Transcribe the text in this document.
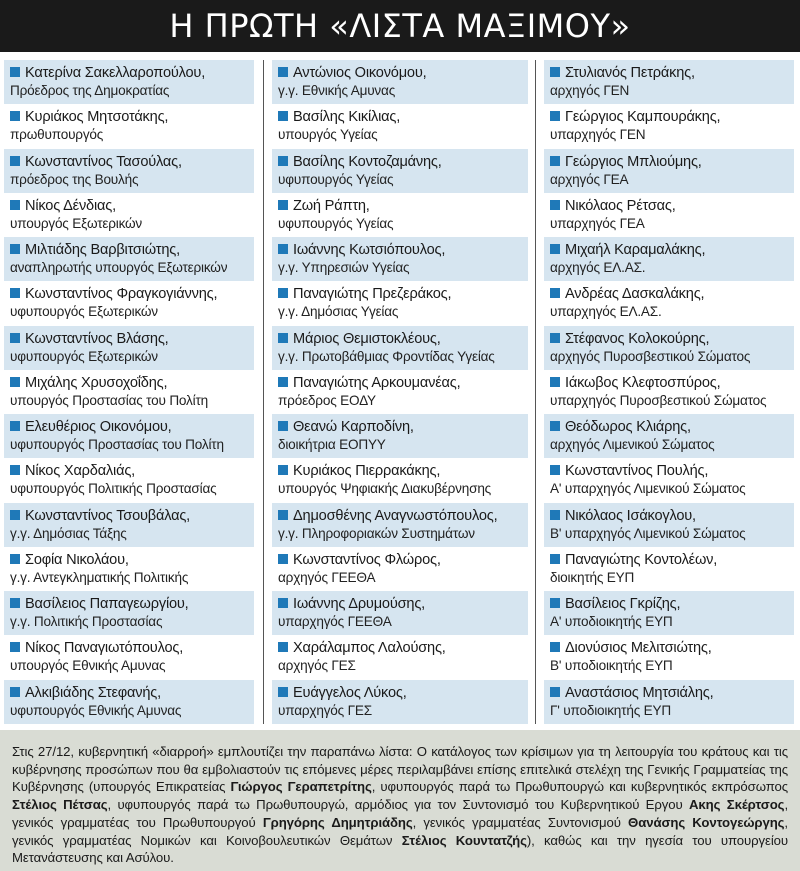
Η ΠΡΩΤΗ «ΛΙΣΤΑ ΜΑΞΙΜΟΥ»
Κατερίνα Σακελλαροπούλου,
Πρόεδρος της Δημοκρατίας
Κυριάκος Μητσοτάκης,
πρωθυπουργός
Κωνσταντίνος Τασούλας,
πρόεδρος της Βουλής
Νίκος Δένδιας,
υπουργός Εξωτερικών
Μιλτιάδης Βαρβιτσιώτης,
αναπληρωτής υπουργός Εξωτερικών
Κωνσταντίνος Φραγκογιάννης,
υφυπουργός Εξωτερικών
Κωνσταντίνος Βλάσης,
υφυπουργός Εξωτερικών
Μιχάλης Χρυσοχοΐδης,
υπουργός Προστασίας του Πολίτη
Ελευθέριος Οικονόμου,
υφυπουργός Προστασίας του Πολίτη
Νίκος Χαρδαλιάς,
υφυπουργός Πολιτικής Προστασίας
Κωνσταντίνος Τσουβάλας,
γ.γ. Δημόσιας Τάξης
Σοφία Νικολάου,
γ.γ. Αντεγκληματικής Πολιτικής
Βασίλειος Παπαγεωργίου,
γ.γ. Πολιτικής Προστασίας
Νίκος Παναγιωτόπουλος,
υπουργός Εθνικής Αμυνας
Αλκιβιάδης Στεφανής,
υφυπουργός Εθνικής Αμυνας
Αντώνιος Οικονόμου,
γ.γ. Εθνικής Αμυνας
Βασίλης Κικίλιας,
υπουργός Υγείας
Βασίλης Κοντοζαμάνης,
υφυπουργός Υγείας
Ζωή Ράπτη,
υφυπουργός Υγείας
Ιωάννης Κωτσιόπουλος,
γ.γ. Υπηρεσιών Υγείας
Παναγιώτης Πρεζεράκος,
γ.γ. Δημόσιας Υγείας
Μάριος Θεμιστοκλέους,
γ.γ. Πρωτοβάθμιας Φροντίδας Υγείας
Παναγιώτης Αρκουμανέας,
πρόεδρος ΕΟΔΥ
Θεανώ Καρποδίνη,
διοικήτρια ΕΟΠΥΥ
Κυριάκος Πιερρακάκης,
υπουργός Ψηφιακής Διακυβέρνησης
Δημοσθένης Αναγνωστόπουλος,
γ.γ. Πληροφοριακών Συστημάτων
Κωνσταντίνος Φλώρος,
αρχηγός ΓΕΕΘΑ
Ιωάννης Δρυμούσης,
υπαρχηγός ΓΕΕΘΑ
Χαράλαμπος Λαλούσης,
αρχηγός ΓΕΣ
Ευάγγελος Λύκος,
υπαρχηγός ΓΕΣ
Στυλιανός Πετράκης,
αρχηγός ΓΕΝ
Γεώργιος Καμπουράκης,
υπαρχηγός ΓΕΝ
Γεώργιος Μπλιούμης,
αρχηγός ΓΕΑ
Νικόλαος Ρέτσας,
υπαρχηγός ΓΕΑ
Μιχαήλ Καραμαλάκης,
αρχηγός ΕΛ.ΑΣ.
Ανδρέας Δασκαλάκης,
υπαρχηγός ΕΛ.ΑΣ.
Στέφανος Κολοκούρης,
αρχηγός Πυροσβεστικού Σώματος
Ιάκωβος Κλεφτοσπύρος,
υπαρχηγός Πυροσβεστικού Σώματος
Θεόδωρος Κλιάρης,
αρχηγός Λιμενικού Σώματος
Κωνσταντίνος Πουλής,
Α' υπαρχηγός Λιμενικού Σώματος
Νικόλαος Ισάκογλου,
Β' υπαρχηγός Λιμενικού Σώματος
Παναγιώτης Κοντολέων,
διοικητής ΕΥΠ
Βασίλειος Γκρίζης,
Α' υποδιοικητής ΕΥΠ
Διονύσιος Μελιτσιώτης,
Β' υποδιοικητής ΕΥΠ
Αναστάσιος Μητσιάλης,
Γ' υποδιοικητής ΕΥΠ

Στις 27/12, κυβερνητική «διαρροή» εμπλουτίζει την παραπάνω λίστα: Ο κατάλογος των κρίσιμων για τη λειτουργία του κράτους και τις κυβέρνησης προσώπων που θα εμβολιαστούν τις επόμενες μέρες περιλαμβάνει επίσης επιτελικά στελέχη της Γενικής Γραμματείας της Κυβέρνησης (υπουργός Επικρατείας Γιώργος Γεραπετρίτης, υφυπουργός παρά τω Πρωθυπουργώ και κυβερνητικός εκπρόσωπος Στέλιος Πέτσας, υφυπουργός παρά τω Πρωθυπουργώ, αρμόδιος για τον Συντονισμό του Κυβερνητικού Εργου Ακης Σκέρτσος, γενικός γραμματέας του Πρωθυπουργού Γρηγόρης Δημητριάδης, γενικός γραμματέας Συντονισμού Θανάσης Κοντογεώργης, γενικός γραμματέας Νομικών και Κοινοβουλευτικών Θεμάτων Στέλιος Κουντατζής), καθώς και την ηγεσία του υπουργείου Μετανάστευσης και Ασύλου.
